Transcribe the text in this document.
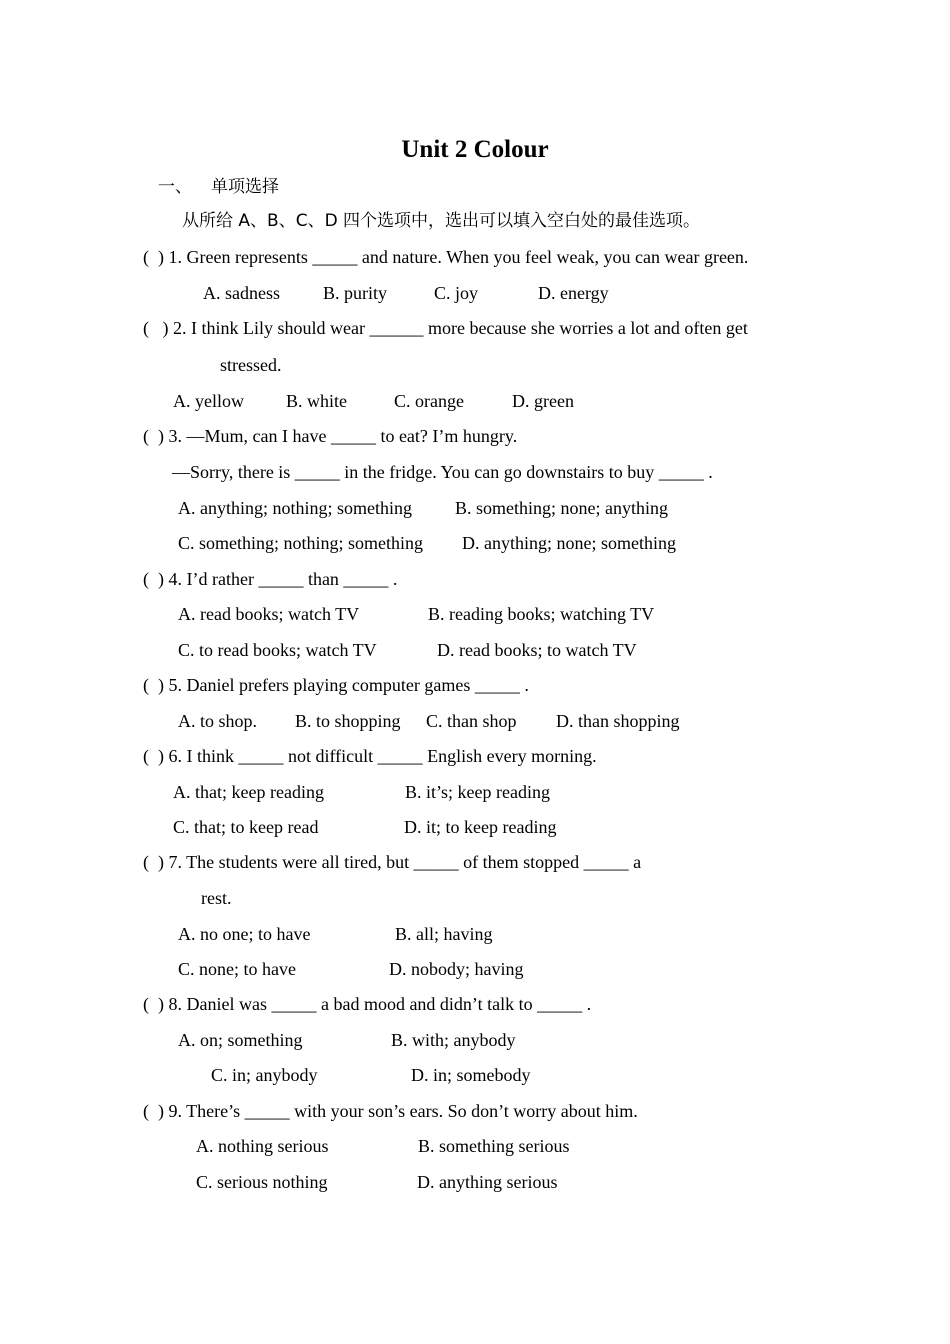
Unit 2 Colour
一、 单项选择
从所给 A、B、C、D 四个选项中，选出可以填入空白处的最佳选项。
(  ) 1. Green represents _____ and nature. When you feel weak, you can wear green.
A. sadness B. purity	C. joy	D. energy
(   ) 2. I think Lily should wear ______ more because she worries a lot and often get
stressed.
A. yellow B. white	C. orange	D. green
(  ) 3. —Mum, can I have _____ to eat? I’m hungry.
—Sorry, there is _____ in the fridge. You can go downstairs to buy _____ .
A. anything; nothing; something B. something; none; anything
C. something; nothing; something D. anything; none; something
(  ) 4. I’d rather _____ than _____ .
A. read books; watch TV	B. reading books; watching TV
C. to read books; watch TV	D. read books; to watch TV
(  ) 5. Daniel prefers playing computer games _____ .
A. to shop. B. to shopping C. than shop D. than shopping
(  ) 6. I think _____ not difficult _____ English every morning.
A. that; keep reading	B. it’s; keep reading
C. that; to keep read	D. it; to keep reading
(  ) 7. The students were all tired, but _____ of them stopped _____ a
rest.
A. no one; to have	B. all; having
C. none; to have	D. nobody; having
(  ) 8. Daniel was _____ a bad mood and didn’t talk to _____ .
A. on; something	B. with; anybody
C. in; anybody	D. in; somebody
(  ) 9. There’s _____ with your son’s ears. So don’t worry about him.
A. nothing serious	B. something serious
C. serious nothing	D. anything serious
